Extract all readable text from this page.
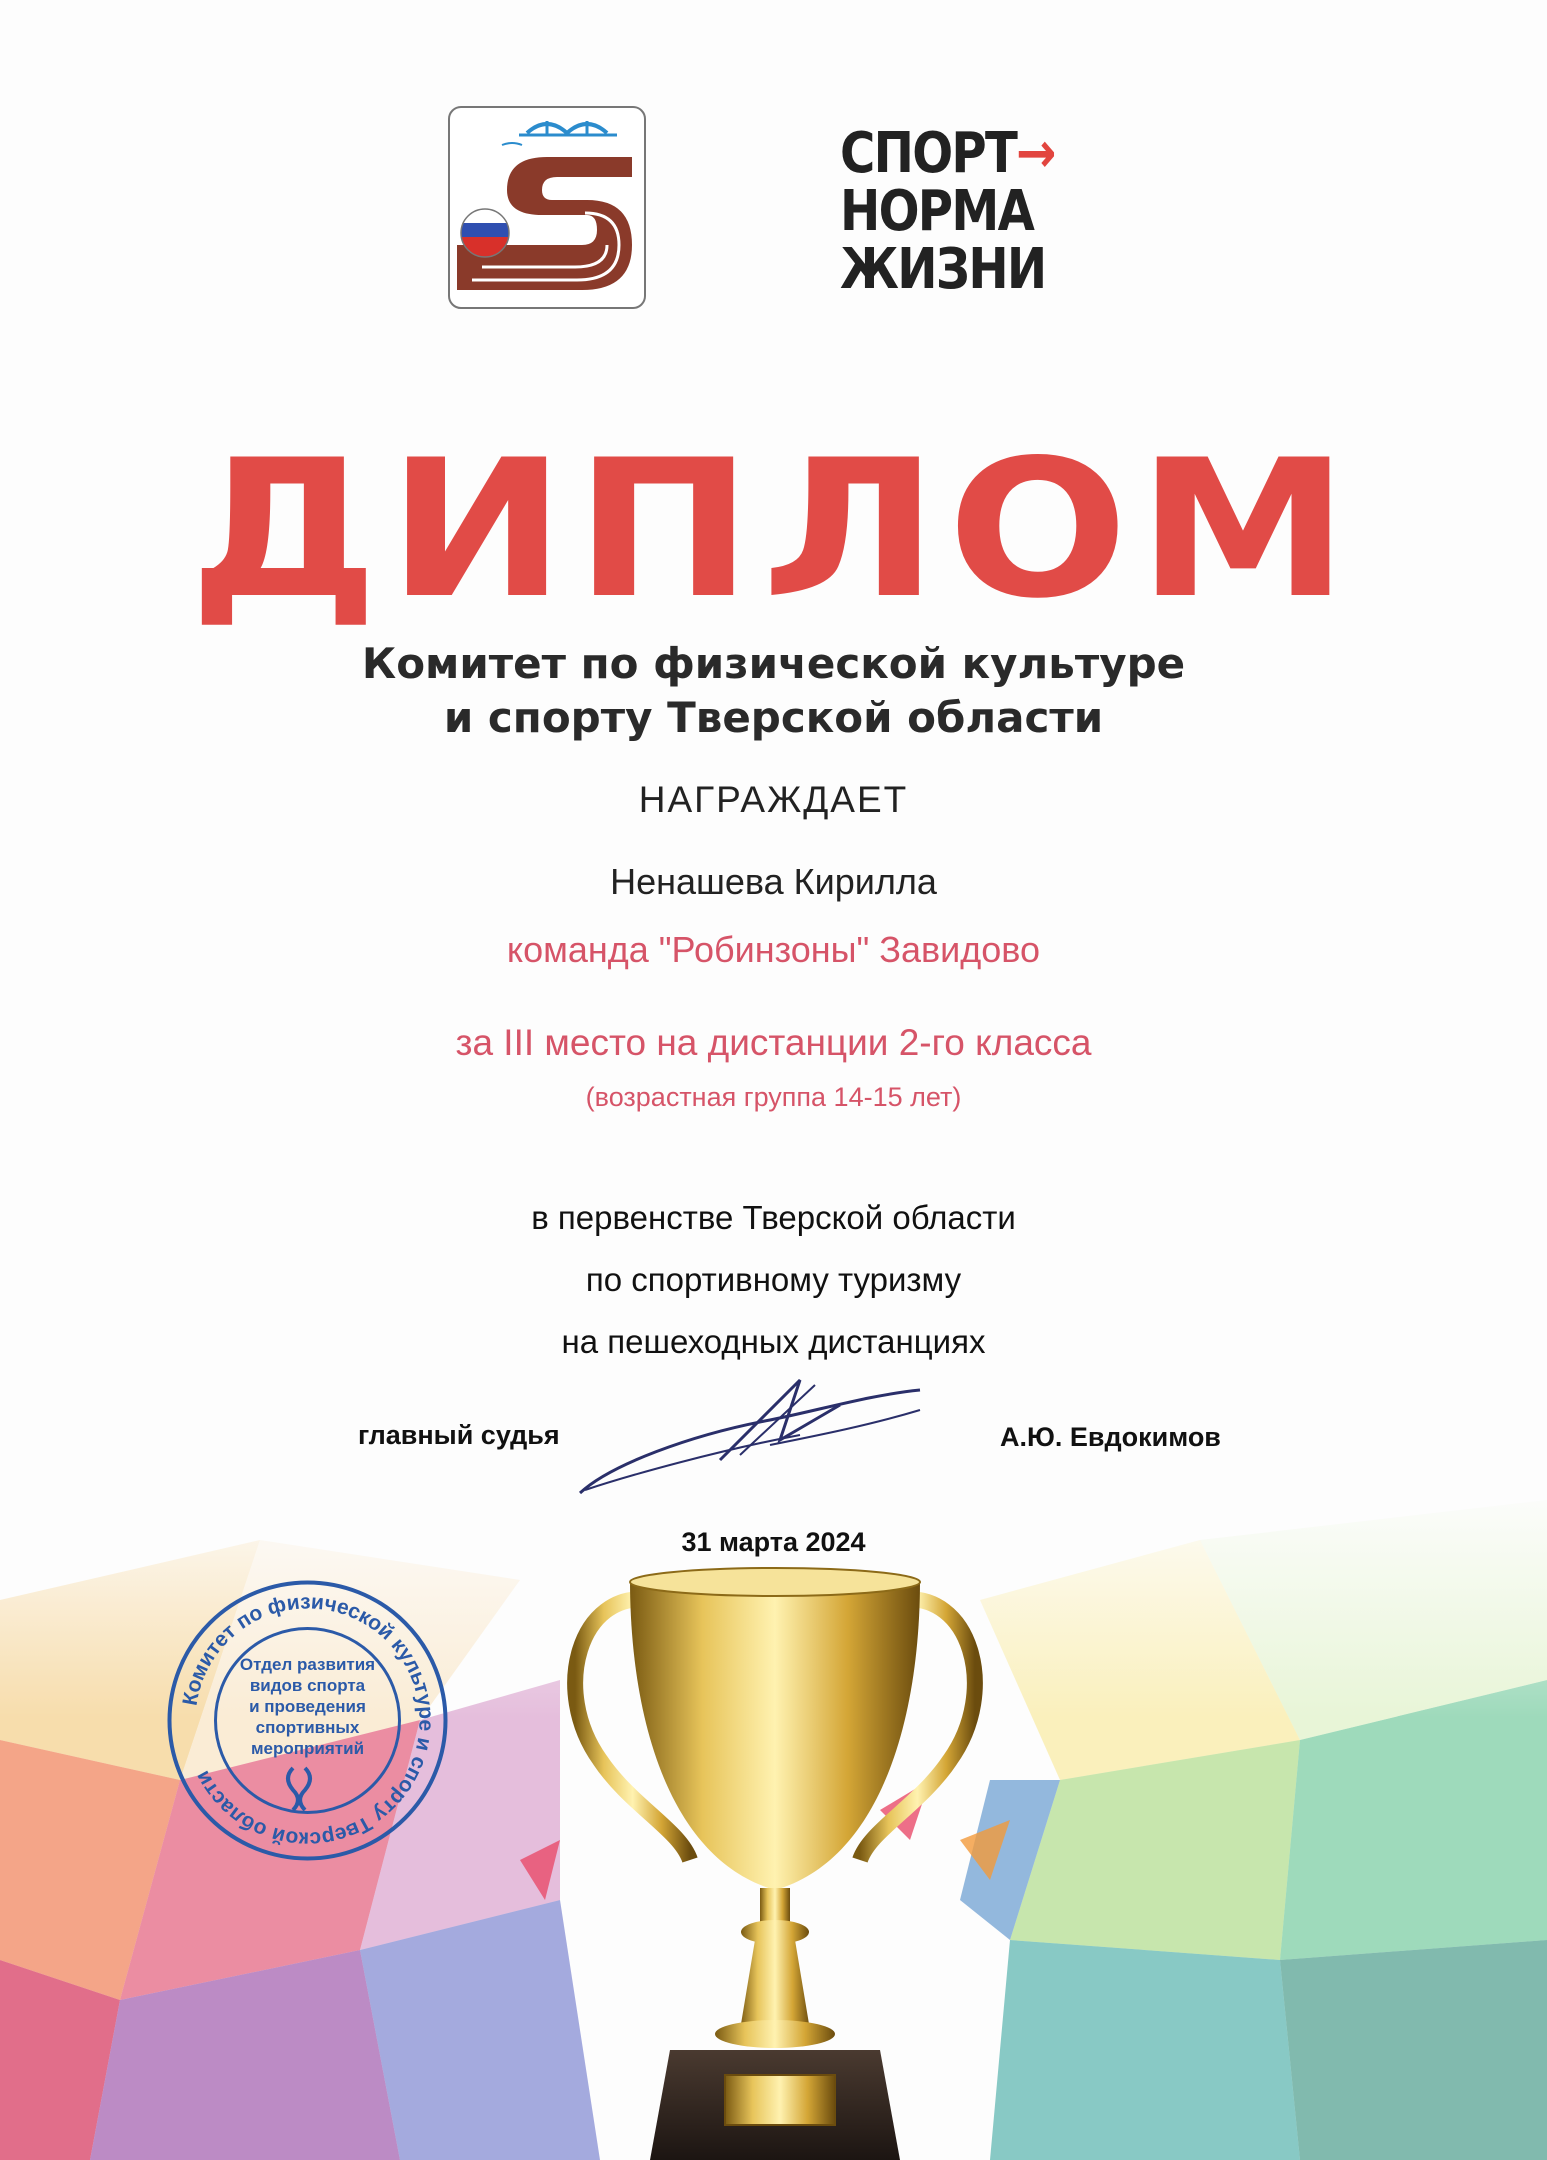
СПОРТ→
НОРМА
ЖИЗНИ
ДИПЛОМ
Комитет по физической культуре
и спорту Тверской области
НАГРАЖДАЕТ
Ненашева Кирилла
команда "Робинзоны" Завидово
за III место на дистанции 2-го класса
(возрастная группа 14-15 лет)
в первенстве Тверской области
по спортивному туризму
на пешеходных дистанциях
главный судья	А.Ю. Евдокимов
31 марта 2024
Комитет по физической культуре и спорту Тверской области
Отдел развития
видов спорта
и проведения
спортивных
мероприятий
